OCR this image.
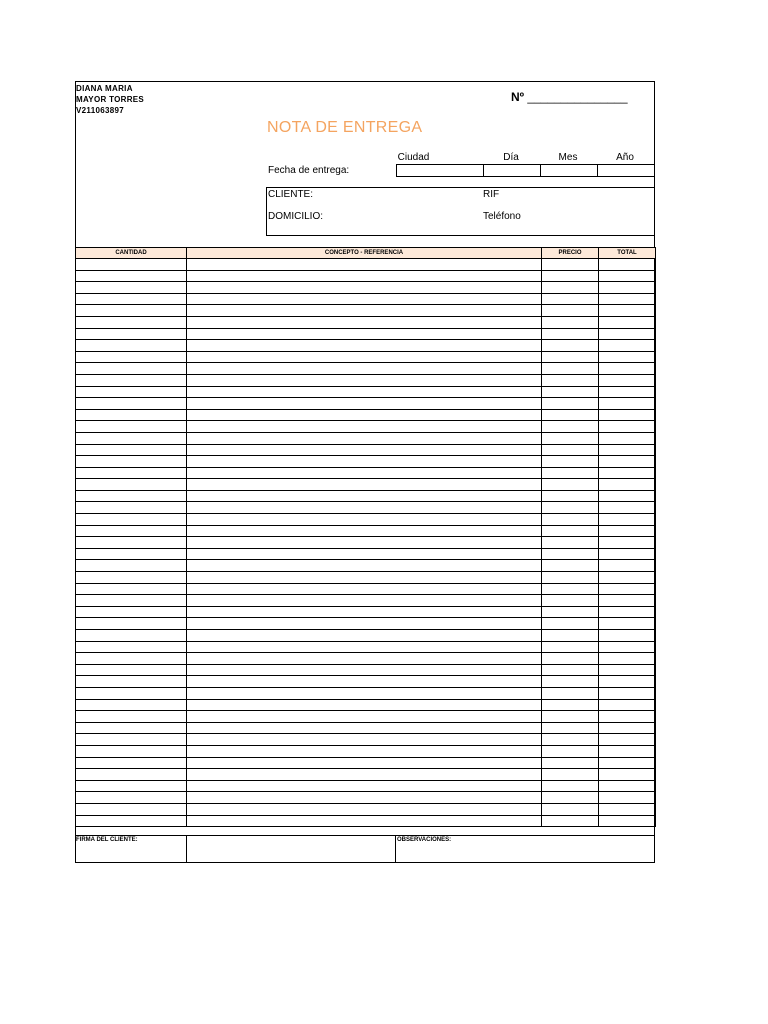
DIANA MARIA
MAYOR TORRES
V211063897
Nº _______________
NOTA DE ENTREGA
Ciudad	Día	Mes	Año
Fecha de entrega:
CLIENTE:	RIF
DOMICILIO:	Teléfono
CANTIDAD	CONCEPTO - REFERENCIA	PRECIO	TOTAL

FIRMA DEL CLIENTE:	OBSERVACIONES:
